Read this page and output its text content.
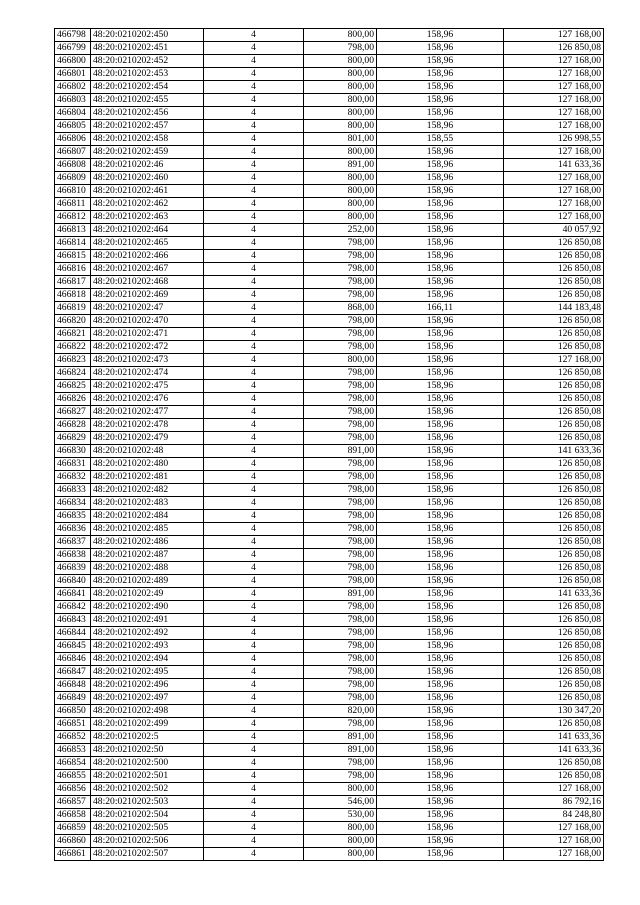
466798	48:20:0210202:450	4	800,00	158,96	127 168,00
466799	48:20:0210202:451	4	798,00	158,96	126 850,08
466800	48:20:0210202:452	4	800,00	158,96	127 168,00
466801	48:20:0210202:453	4	800,00	158,96	127 168,00
466802	48:20:0210202:454	4	800,00	158,96	127 168,00
466803	48:20:0210202:455	4	800,00	158,96	127 168,00
466804	48:20:0210202:456	4	800,00	158,96	127 168,00
466805	48:20:0210202:457	4	800,00	158,96	127 168,00
466806	48:20:0210202:458	4	801,00	158,55	126 998,55
466807	48:20:0210202:459	4	800,00	158,96	127 168,00
466808	48:20:0210202:46	4	891,00	158,96	141 633,36
466809	48:20:0210202:460	4	800,00	158,96	127 168,00
466810	48:20:0210202:461	4	800,00	158,96	127 168,00
466811	48:20:0210202:462	4	800,00	158,96	127 168,00
466812	48:20:0210202:463	4	800,00	158,96	127 168,00
466813	48:20:0210202:464	4	252,00	158,96	40 057,92
466814	48:20:0210202:465	4	798,00	158,96	126 850,08
466815	48:20:0210202:466	4	798,00	158,96	126 850,08
466816	48:20:0210202:467	4	798,00	158,96	126 850,08
466817	48:20:0210202:468	4	798,00	158,96	126 850,08
466818	48:20:0210202:469	4	798,00	158,96	126 850,08
466819	48:20:0210202:47	4	868,00	166,11	144 183,48
466820	48:20:0210202:470	4	798,00	158,96	126 850,08
466821	48:20:0210202:471	4	798,00	158,96	126 850,08
466822	48:20:0210202:472	4	798,00	158,96	126 850,08
466823	48:20:0210202:473	4	800,00	158,96	127 168,00
466824	48:20:0210202:474	4	798,00	158,96	126 850,08
466825	48:20:0210202:475	4	798,00	158,96	126 850,08
466826	48:20:0210202:476	4	798,00	158,96	126 850,08
466827	48:20:0210202:477	4	798,00	158,96	126 850,08
466828	48:20:0210202:478	4	798,00	158,96	126 850,08
466829	48:20:0210202:479	4	798,00	158,96	126 850,08
466830	48:20:0210202:48	4	891,00	158,96	141 633,36
466831	48:20:0210202:480	4	798,00	158,96	126 850,08
466832	48:20:0210202:481	4	798,00	158,96	126 850,08
466833	48:20:0210202:482	4	798,00	158,96	126 850,08
466834	48:20:0210202:483	4	798,00	158,96	126 850,08
466835	48:20:0210202:484	4	798,00	158,96	126 850,08
466836	48:20:0210202:485	4	798,00	158,96	126 850,08
466837	48:20:0210202:486	4	798,00	158,96	126 850,08
466838	48:20:0210202:487	4	798,00	158,96	126 850,08
466839	48:20:0210202:488	4	798,00	158,96	126 850,08
466840	48:20:0210202:489	4	798,00	158,96	126 850,08
466841	48:20:0210202:49	4	891,00	158,96	141 633,36
466842	48:20:0210202:490	4	798,00	158,96	126 850,08
466843	48:20:0210202:491	4	798,00	158,96	126 850,08
466844	48:20:0210202:492	4	798,00	158,96	126 850,08
466845	48:20:0210202:493	4	798,00	158,96	126 850,08
466846	48:20:0210202:494	4	798,00	158,96	126 850,08
466847	48:20:0210202:495	4	798,00	158,96	126 850,08
466848	48:20:0210202:496	4	798,00	158,96	126 850,08
466849	48:20:0210202:497	4	798,00	158,96	126 850,08
466850	48:20:0210202:498	4	820,00	158,96	130 347,20
466851	48:20:0210202:499	4	798,00	158,96	126 850,08
466852	48:20:0210202:5	4	891,00	158,96	141 633,36
466853	48:20:0210202:50	4	891,00	158,96	141 633,36
466854	48:20:0210202:500	4	798,00	158,96	126 850,08
466855	48:20:0210202:501	4	798,00	158,96	126 850,08
466856	48:20:0210202:502	4	800,00	158,96	127 168,00
466857	48:20:0210202:503	4	546,00	158,96	86 792,16
466858	48:20:0210202:504	4	530,00	158,96	84 248,80
466859	48:20:0210202:505	4	800,00	158,96	127 168,00
466860	48:20:0210202:506	4	800,00	158,96	127 168,00
466861	48:20:0210202:507	4	800,00	158,96	127 168,00
